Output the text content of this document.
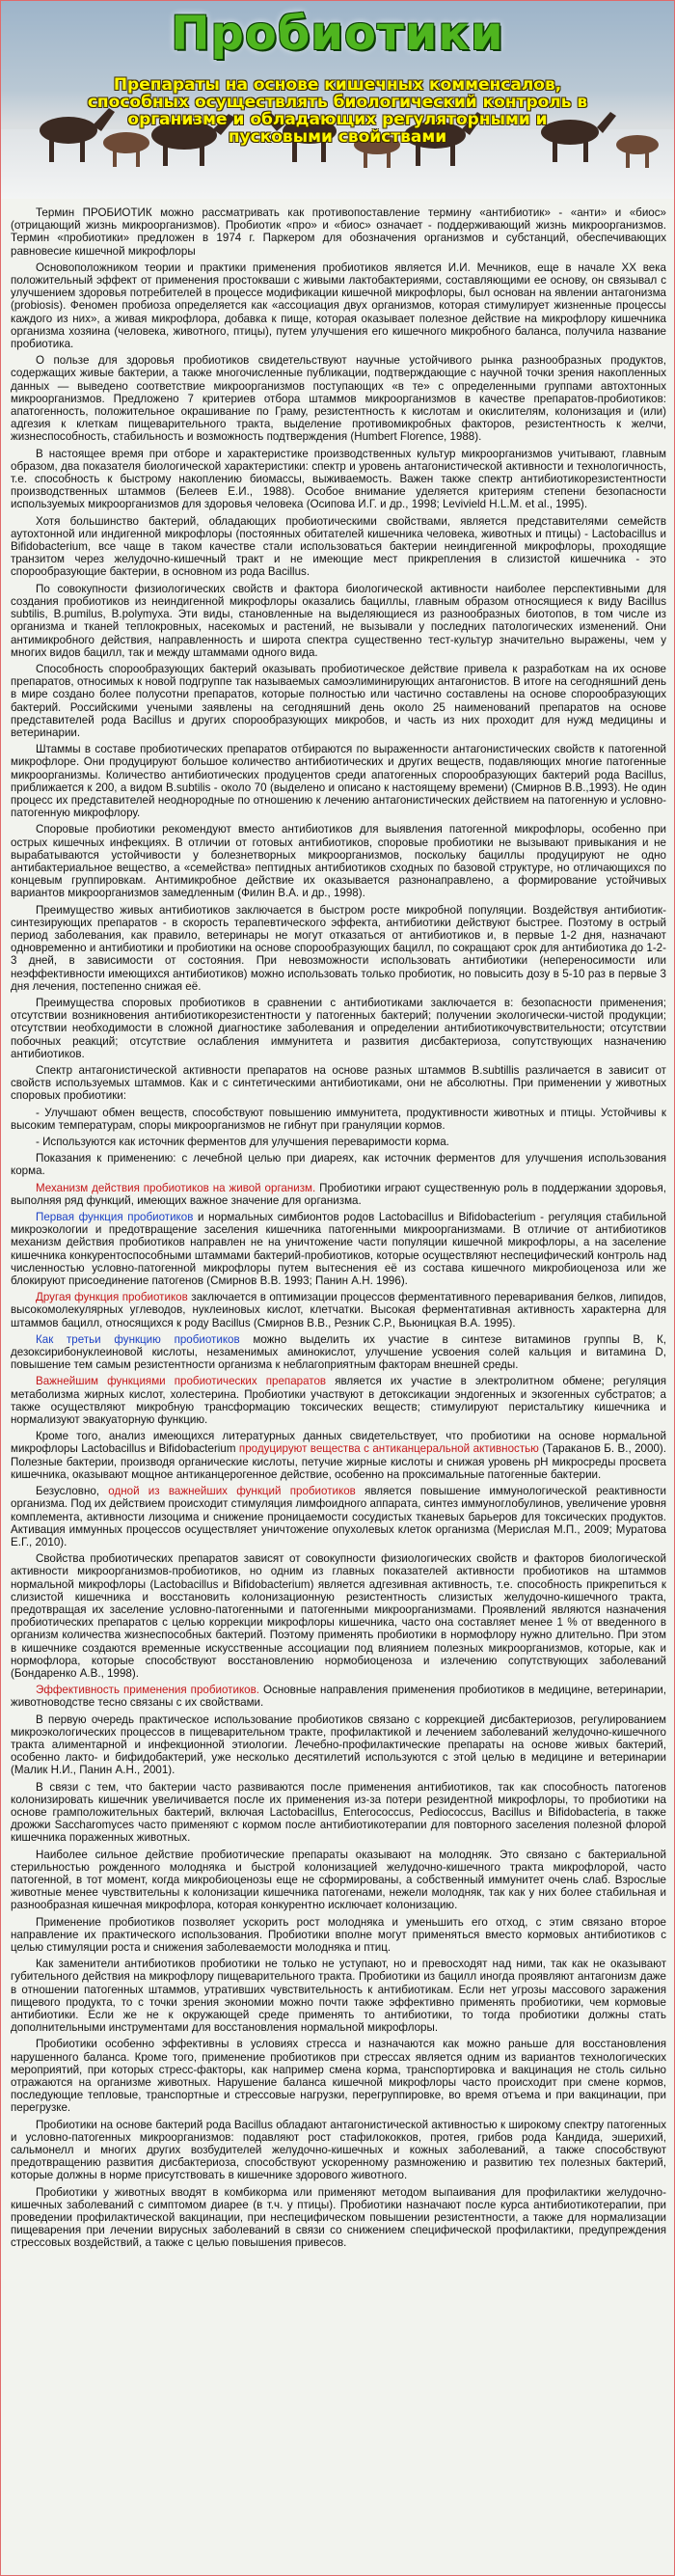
Пробиотики
Препараты на основе кишечных комменсалов, способных осуществлять биологический контроль в организме и обладающих регуляторными и пусковыми свойствами

Термин ПРОБИОТИК можно рассматривать как противопоставление термину «антибиотик» - «анти» и «биос» (отрицающий жизнь микроорганизмов). Пробиотик «про» и «биос» означает - поддерживающий жизнь микроорганизмов. Термин «пробиотики» предложен в 1974 г. Паркером для обозначения организмов и субстанций, обеспечивающих равновесие кишечной микрофлоры

Основоположником теории и практики применения пробиотиков является И.И. Мечников, еще в начале ХХ века положительный эффект от применения простокваши с живыми лактобактериями, составляющими ее основу, он связывал с улучшением здоровья потребителей в процессе модификации кишечной микрофлоры, был основан на явлении антагонизма (probiosis). Феномен пробиоза определяется как «ассоциация двух организмов, которая стимулирует жизненные процессы каждого из них», а живая микрофлора, добавка к пище, которая оказывает полезное действие на микрофлору кишечника организма хозяина (человека, животного, птицы), путем улучшения его кишечного микробного баланса, получила название пробиотика.

О пользе для здоровья пробиотиков свидетельствуют научные устойчивого рынка разнообразных продуктов, содержащих живые бактерии, а также многочисленные публикации, подтверждающие с научной точки зрения накопленных данных — выведено соответствие микроорганизмов поступающих «в те» с определенными группами автохтонных микроорганизмов. Предложено 7 критериев отбора штаммов микроорганизмов в качестве препаратов-пробиотиков: апатогенность, положительное окрашивание по Граму, резистентность к кислотам и окислителям, колонизация и (или) адгезия к клеткам пищеварительного тракта, выделение противомикробных факторов, резистентность к желчи, жизнеспособность, стабильность и возможность подтверждения (Humbert Florence, 1988).

В настоящее время при отборе и характеристике производственных культур микроорганизмов учитывают, главным образом, два показателя биологической характеристики: спектр и уровень антагонистической активности и технологичность, т.е. способность к быстрому накоплению биомассы, выживаемость. Важен также спектр антибиотикорезистентности производственных штаммов (Белеев Е.И., 1988). Особое внимание уделяется критериям степени безопасности используемых микроорганизмов для здоровья человека (Осипова И.Г. и др., 1998; Levivield H.L.M. et al., 1995).

Хотя большинство бактерий, обладающих пробиотическими свойствами, является представителями семейств аутохтонной или индигенной микрофлоры (постоянных обитателей кишечника человека, животных и птицы) - Lactobacillus и Bifidobacterium, все чаще в таком качестве стали использоваться бактерии неиндигенной микрофлоры, проходящие транзитом через желудочно-кишечный тракт и не имеющие мест прикрепления в слизистой кишечника - это спорообразующие бактерии, в основном из рода Bacillus.

По совокупности физиологических свойств и фактора биологической активности наиболее перспективными для создания пробиотиков из неиндигенной микрофлоры оказались бациллы, главным образом относящиеся к виду Bacillus subtilis, B.pumilus, B.polymyxa. Эти виды, становленные на выделяющиеся из разнообразных биотопов, в том числе из организма и тканей теплокровных, насекомых и растений, не вызывали у последних патологических изменений. Они антимикробного действия, направленность и широта спектра существенно тест-культур значительно выражены, чем у многих видов бацилл, так и между штаммами одного вида.

Способность спорообразующих бактерий оказывать пробиотическое действие привела к разработкам на их основе препаратов, относимых к новой подгруппе так называемых самоэлиминирующих антагонистов. В итоге на сегодняшний день в мире создано более полусотни препаратов, которые полностью или частично составлены на основе спорообразующих бактерий. Российскими учеными заявлены на сегодняшний день около 25 наименований препаратов на основе представителей рода Bacillus и других спорообразующих микробов, и часть из них проходит для нужд медицины и ветеринарии.

Штаммы в составе пробиотических препаратов отбираются по выраженности антагонистических свойств к патогенной микрофлоре. Они продуцируют большое количество антибиотических и других веществ, подавляющих многие патогенные микроорганизмы. Количество антибиотических продуцентов среди апатогенных спорообразующих бактерий рода Bacillus, приближается к 200, а видом B.subtilis - около 70 (выделено и описано к настоящему времени) (Смирнов В.В.,1993). Не один процесс их представителей неоднородные по отношению к лечению антагонистических действием на патогенную и условно-патогенную микрофлору.

Споровые пробиотики рекомендуют вместо антибиотиков для выявления патогенной микрофлоры, особенно при острых кишечных инфекциях. В отличии от готовых антибиотиков, споровые пробиотики не вызывают привыкания и не вырабатываются устойчивости у болезнетворных микроорганизмов, поскольку бациллы продуцируют не одно антибактериальное вещество, а «семейства» пептидных антибиотиков сходных по базовой структуре, но отличающихся по концевым группировкам. Антимикробное действие их оказывается разнонаправлено, а формирование устойчивых вариантов микроорганизмов замедленным (Филин В.А. и др., 1998).

Преимущество живых антибиотиков заключается в быстром росте микробной популяции. Воздействуя антибиотик-синтезирующих препаратов - в скорость терапевтического эффекта, антибиотики действуют быстрее. Поэтому в острый период заболевания, как правило, ветеринары не могут отказаться от антибиотиков и, в первые 1-2 дня, назначают одновременно и антибиотики и пробиотики на основе спорообразующих бацилл, по сокращают срок для антибиотика до 1-2-3 дней, в зависимости от состояния. При невозможности использовать антибиотики (непереносимости или неэффективности имеющихся антибиотиков) можно использовать только пробиотик, но повысить дозу в 5-10 раз в первые 3 дня лечения, постепенно снижая её.

Преимущества споровых пробиотиков в сравнении с антибиотиками заключается в: безопасности применения; отсутствии возникновения антибиотикорезистентности у патогенных бактерий; получении экологически-чистой продукции; отсутствии необходимости в сложной диагностике заболевания и определении антибиотикочувствительности; отсутствии побочных реакций; отсутствие ослабления иммунитета и развития дисбактериоза, сопутствующих назначению антибиотиков.

Спектр антагонистической активности препаратов на основе разных штаммов B.subtillis различается в зависит от свойств используемых штаммов. Как и с синтетическими антибиотиками, они не абсолютны. При применении у животных споровых пробиотики:

- Улучшают обмен веществ, способствуют повышению иммунитета, продуктивности животных и птицы. Устойчивы к высоким температурам, споры микроорганизмов не гибнут при грануляции кормов.

- Используются как источник ферментов для улучшения переваримости корма.

Показания к применению: с лечебной целью при диареях, как источник ферментов для улучшения использования корма.

Механизм действия пробиотиков на живой организм. Пробиотики играют существенную роль в поддержании здоровья, выполняя ряд функций, имеющих важное значение для организма.

Первая функция пробиотиков и нормальных симбионтов родов Lactobacillus и Bifidobacterium - регуляция стабильной микроэкологии и предотвращение заселения кишечника патогенными микроорганизмами. В отличие от антибиотиков механизм действия пробиотиков направлен не на уничтожение части популяции кишечной микрофлоры, а на заселение кишечника конкурентоспособными штаммами бактерий-пробиотиков, которые осуществляют неспецифический контроль над численностью условно-патогенной микрофлоры путем вытеснения её из состава кишечного микробиоценоза или же блокируют присоединение патогенов (Смирнов В.В. 1993; Панин А.Н. 1996).

Другая функция пробиотиков заключается в оптимизации процессов ферментативного переваривания белков, липидов, высокомолекулярных углеводов, нуклеиновых кислот, клетчатки. Высокая ферментативная активность характерна для штаммов бацилл, относящихся к роду Bacillus (Смирнов В.В., Резник С.Р., Вьюницкая В.А. 1995).

Как третьи функцию пробиотиков можно выделить их участие в синтезе витаминов группы В, К, дезоксирибонуклеиновой кислоты, незаменимых аминокислот, улучшение усвоения солей кальция и витамина D, повышение тем самым резистентности организма к неблагоприятным факторам внешней среды.

Важнейшим функциями пробиотических препаратов является их участие в электролитном обмене; регуляция метаболизма жирных кислот, холестерина. Пробиотики участвуют в детоксикации эндогенных и экзогенных субстратов; а также осуществляют микробную трансформацию токсических веществ; стимулируют перистальтику кишечника и нормализуют эвакуаторную функцию.

Кроме того, анализ имеющихся литературных данных свидетельствует, что пробиотики на основе нормальной микрофлоры Lactobacillus и Bifidobacterium продуцируют вещества с антиканцеральной активностью (Тараканов Б. В., 2000). Полезные бактерии, производя органические кислоты, петучие жирные кислоты и снижая уровень рН микросреды просвета кишечника, оказывают мощное антиканцерогенное действие, особенно на проксимальные патогенные бактерии.

Безусловно, одной из важнейших функций пробиотиков является повышение иммунологической реактивности организма. Под их действием происходит стимуляция лимфоидного аппарата, синтез иммуноглобулинов, увеличение уровня комплемента, активности лизоцима и снижение проницаемости сосудистых тканевых барьеров для токсических продуктов. Активация иммунных процессов осуществляет уничтожение опухолевых клеток организма (Мерислая М.П., 2009; Муратова Е.Г., 2010).

Свойства пробиотических препаратов зависят от совокупности физиологических свойств и факторов биологической активности микроорганизмов-пробиотиков, но одним из главных показателей активности пробиотиков на штаммов нормальной микрофлоры (Lactobacillus и Bifidobacterium) является адгезивная активность, т.е. способность прикрепиться к слизистой кишечника и восстановить колонизационную резистентность слизистых желудочно-кишечного тракта, предотвращая их заселение условно-патогенными и патогенными микроорганизмами. Проявлений являются назначения пробиотических препаратов с целью коррекции микрофлоры кишечника, часто она составляет менее 1 % от введенного в организм количества жизнеспособных бактерий. Поэтому применять пробиотики в нормофлору нужно длительно. При этом в кишечнике создаются временные искусственные ассоциации под влиянием полезных микроорганизмов, которые, как и нормофлора, которые способствуют восстановлению нормобиоценоза и излечению сопутствующих заболеваний (Бондаренко А.В., 1998).

Эффективность применения пробиотиков. Основные направления применения пробиотиков в медицине, ветеринарии, животноводстве тесно связаны с их свойствами.

В первую очередь практическое использование пробиотиков связано с коррекцией дисбактериозов, регулированием микроэкологических процессов в пищеварительном тракте, профилактикой и лечением заболеваний желудочно-кишечного тракта алиментарной и инфекционной этиологии. Лечебно-профилактические препараты на основе живых бактерий, особенно лакто- и бифидобактерий, уже несколько десятилетий используются с этой целью в медицине и ветеринарии (Малик Н.И., Панин А.Н., 2001).

В связи с тем, что бактерии часто развиваются после применения антибиотиков, так как способность патогенов колонизировать кишечник увеличивается после их применения из-за потери резидентной микрофлоры, то пробиотики на основе грамположительных бактерий, включая Lactobacillus, Enterococcus, Pediococcus, Bacillus и Bifidobacteria, в также дрожжи Saccharomyces часто применяют с кормом после антибиотикотерапии для повторного заселения полезной флорой кишечника пораженных животных.

Наиболее сильное действие пробиотические препараты оказывают на молодняк. Это связано с бактериальной стерильностью рожденного молодняка и быстрой колонизацией желудочно-кишечного тракта микрофлорой, часто патогенной, в тот момент, когда микробиоценозы еще не сформированы, а собственный иммунитет очень слаб. Взрослые животные менее чувствительны к колонизации кишечника патогенами, нежели молодняк, так как у них более стабильная и разнообразная кишечная микрофлора, которая конкурентно исключает колонизацию.

Применение пробиотиков позволяет ускорить рост молодняка и уменьшить его отход, с этим связано второе направление их практического использования. Пробиотики вполне могут применяться вместо кормовых антибиотиков с целью стимуляции роста и снижения заболеваемости молодняка и птиц.

Как заменители антибиотиков пробиотики не только не уступают, но и превосходят над ними, так как не оказывают губительного действия на микрофлору пищеварительного тракта. Пробиотики из бацилл иногда проявляют антагонизм даже в отношении патогенных штаммов, утративших чувствительность к антибиотикам. Если нет угрозы массового заражения пищевого продукта, то с точки зрения экономии можно почти также эффективно применять пробиотики, чем кормовые антибиотики. Если же не к окружающей среде применять то антибиотики, то тогда пробиотики должны стать дополнительными инструментами для восстановления нормальной микрофлоры.

Пробиотики особенно эффективны в условиях стресса и назначаются как можно раньше для восстановления нарушенного баланса. Кроме того, применение пробиотиков при стрессах является одним из вариантов технологических мероприятий, при которых стресс-факторы, как например смена корма, транспортировка и вакцинация не столь сильно отражаются на организме животных. Нарушение баланса кишечной микрофлоры часто происходит при смене кормов, последующие тепловые, транспортные и стрессовые нагрузки, перегруппировке, во время отъема и при вакцинации, при перегрузке.

Пробиотики на основе бактерий рода Bacillus обладают антагонистической активностью к широкому спектру патогенных и условно-патогенных микроорганизмов: подавляют рост стафилококков, протея, грибов рода Кандида, эшерихий, сальмонелл и многих других возбудителей желудочно-кишечных и кожных заболеваний, а также способствуют предотвращению развития дисбактериоза, способствуют ускоренному размножению и развитию тех полезных бактерий, которые должны в норме присутствовать в кишечнике здорового животного.

Пробиотики у животных вводят в комбикорма или применяют методом выпаивания для профилактики желудочно-кишечных заболеваний с симптомом диарее (в т.ч. у птицы). Пробиотики назначают после курса антибиотикотерапии, при проведении профилактической вакцинации, при неспецифическом повышении резистентности, а также для нормализации пищеварения при лечении вирусных заболеваний в связи со снижением специфической профилактики, предупреждения стрессовых воздействий, а также с целью повышения привесов.
